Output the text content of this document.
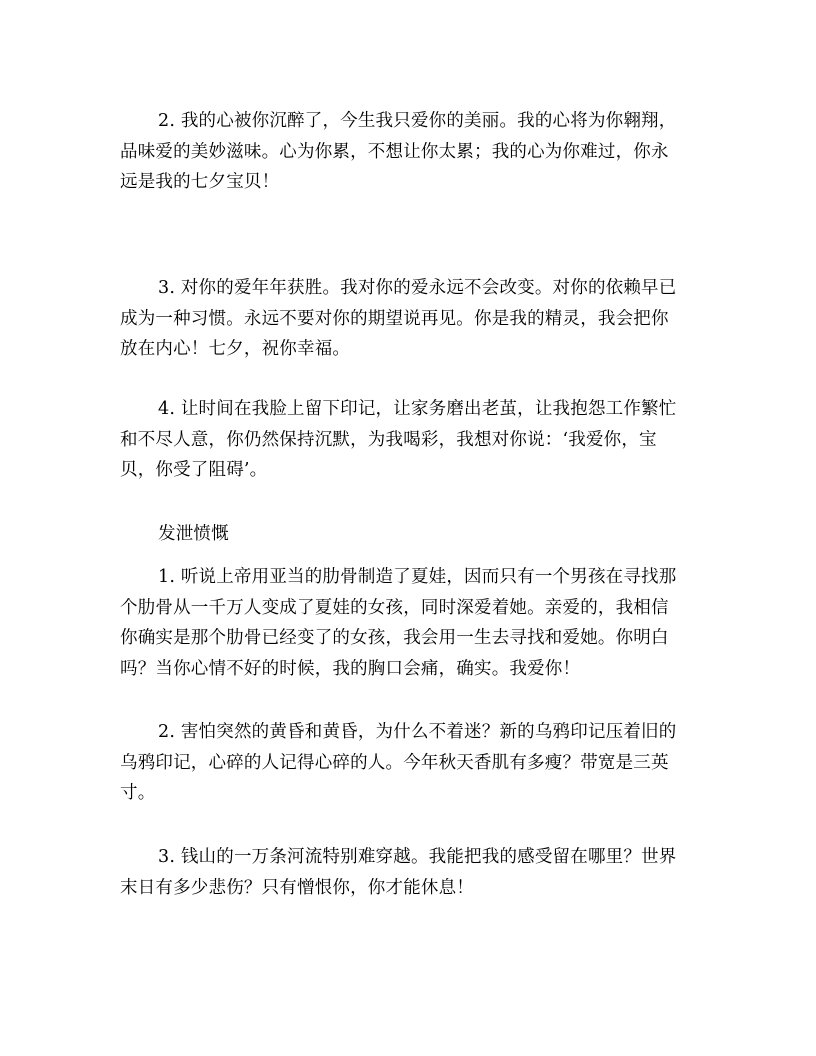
2. 我的心被你沉醉了，今生我只爱你的美丽。我的心将为你翱翔，
品味爱的美妙滋味。心为你累，不想让你太累；我的心为你难过，你永
远是我的七夕宝贝！

3. 对你的爱年年获胜。我对你的爱永远不会改变。对你的依赖早已
成为一种习惯。永远不要对你的期望说再见。你是我的精灵，我会把你
放在内心！七夕，祝你幸福。

4. 让时间在我脸上留下印记，让家务磨出老茧，让我抱怨工作繁忙
和不尽人意，你仍然保持沉默，为我喝彩，我想对你说：‘我爱你，宝
贝，你受了阻碍’。

发泄愤慨

1. 听说上帝用亚当的肋骨制造了夏娃，因而只有一个男孩在寻找那
个肋骨从一千万人变成了夏娃的女孩，同时深爱着她。亲爱的，我相信
你确实是那个肋骨已经变了的女孩，我会用一生去寻找和爱她。你明白
吗？当你心情不好的时候，我的胸口会痛，确实。我爱你！

2. 害怕突然的黄昏和黄昏，为什么不着迷？新的乌鸦印记压着旧的
乌鸦印记，心碎的人记得心碎的人。今年秋天香肌有多瘦？带宽是三英
寸。

3. 钱山的一万条河流特别难穿越。我能把我的感受留在哪里？世界
末日有多少悲伤？只有憎恨你，你才能休息！
